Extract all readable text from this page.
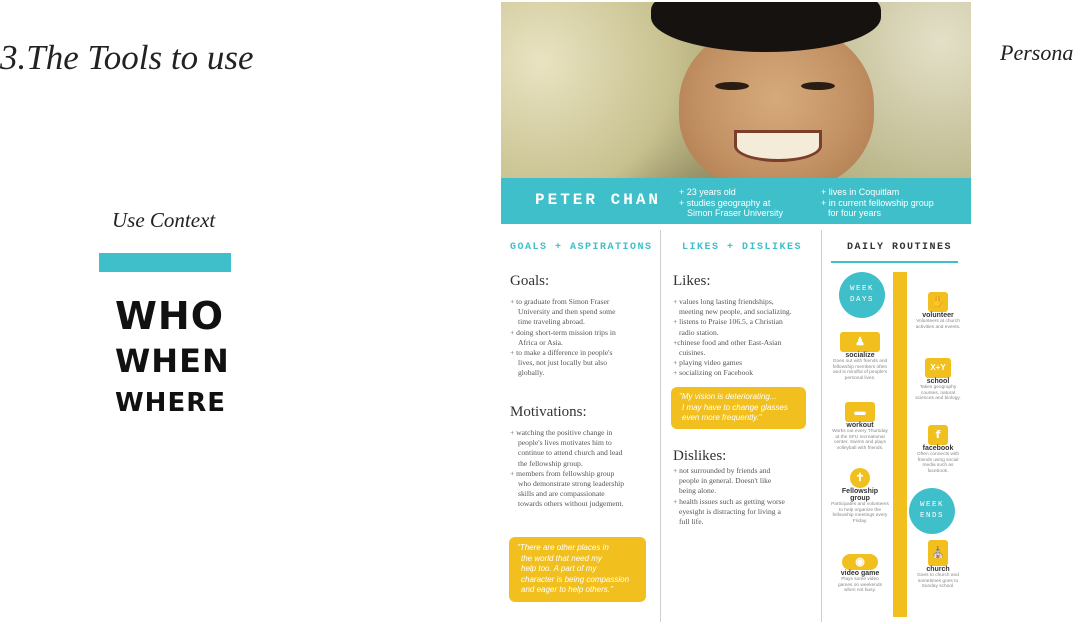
3.The Tools to use	Persona
Use Context
WHO
WHEN
WHERE
PETER CHAN + 23 years old
+ studies geography at
Simon Fraser University
+ lives in Coquitlam
+ in current fellowship group
for four years
GOALS + ASPIRATIONS	LIKES + DISLIKES	DAILY ROUTINES
Goals:
+ to graduate from Simon Fraser
University and then spend some
time traveling abroad.
+ doing short-term mission trips in
Africa or Asia.
+ to make a difference in people's
lives, not just locally but also
globally.
Motivations:
+ watching the positive change in
people's lives motivates him to
continue to attend church and lead
the fellowship group.
+ members from fellowship group
who demonstrate strong leadership
skills and are compassionate
towards others without judgement.
"There are other places in
the world that need my
help too. A part of my
character is being compassion
and eager to help others."
Likes:
+ values long lasting friendships,
meeting new people, and socializing.
+ listens to Praise 106.5, a Christian
radio station.
+chinese food and other East-Asian
cuisines.
+ playing video games
+ socializing on Facebook
"My vision is deteriorating...
I may have to change glasses
even more frequently."
Dislikes:
+ not surrounded by friends and
people in general. Doesn't like
being alone.
+ health issues such as getting worse
eyesight is distracting for living a
full life.
WEEK
DAYS
WEEK
ENDS
✋
volunteer
Volunteers at church
activities and events.
♟
socialize
Goes out with friends and
fellowship members often
and is mindful of people's
personal lives.
X+Y
school
Takes geography
courses, natural
sciences and biology.
▬
workout
Works out every Thursday
at the SFU recreational
center. Swims and plays
volleyball with friends.
f
facebook
Often connects with
friends using social
media such as
facebook.
✝
Fellowship
group
Participates and volunteers
to help organize the
fellowship meetings every
Friday.
◉
video game
Plays some video
games on weekends
when not busy.
⛪
church
Goes to church and
sometimes goes to
Sunday school.
